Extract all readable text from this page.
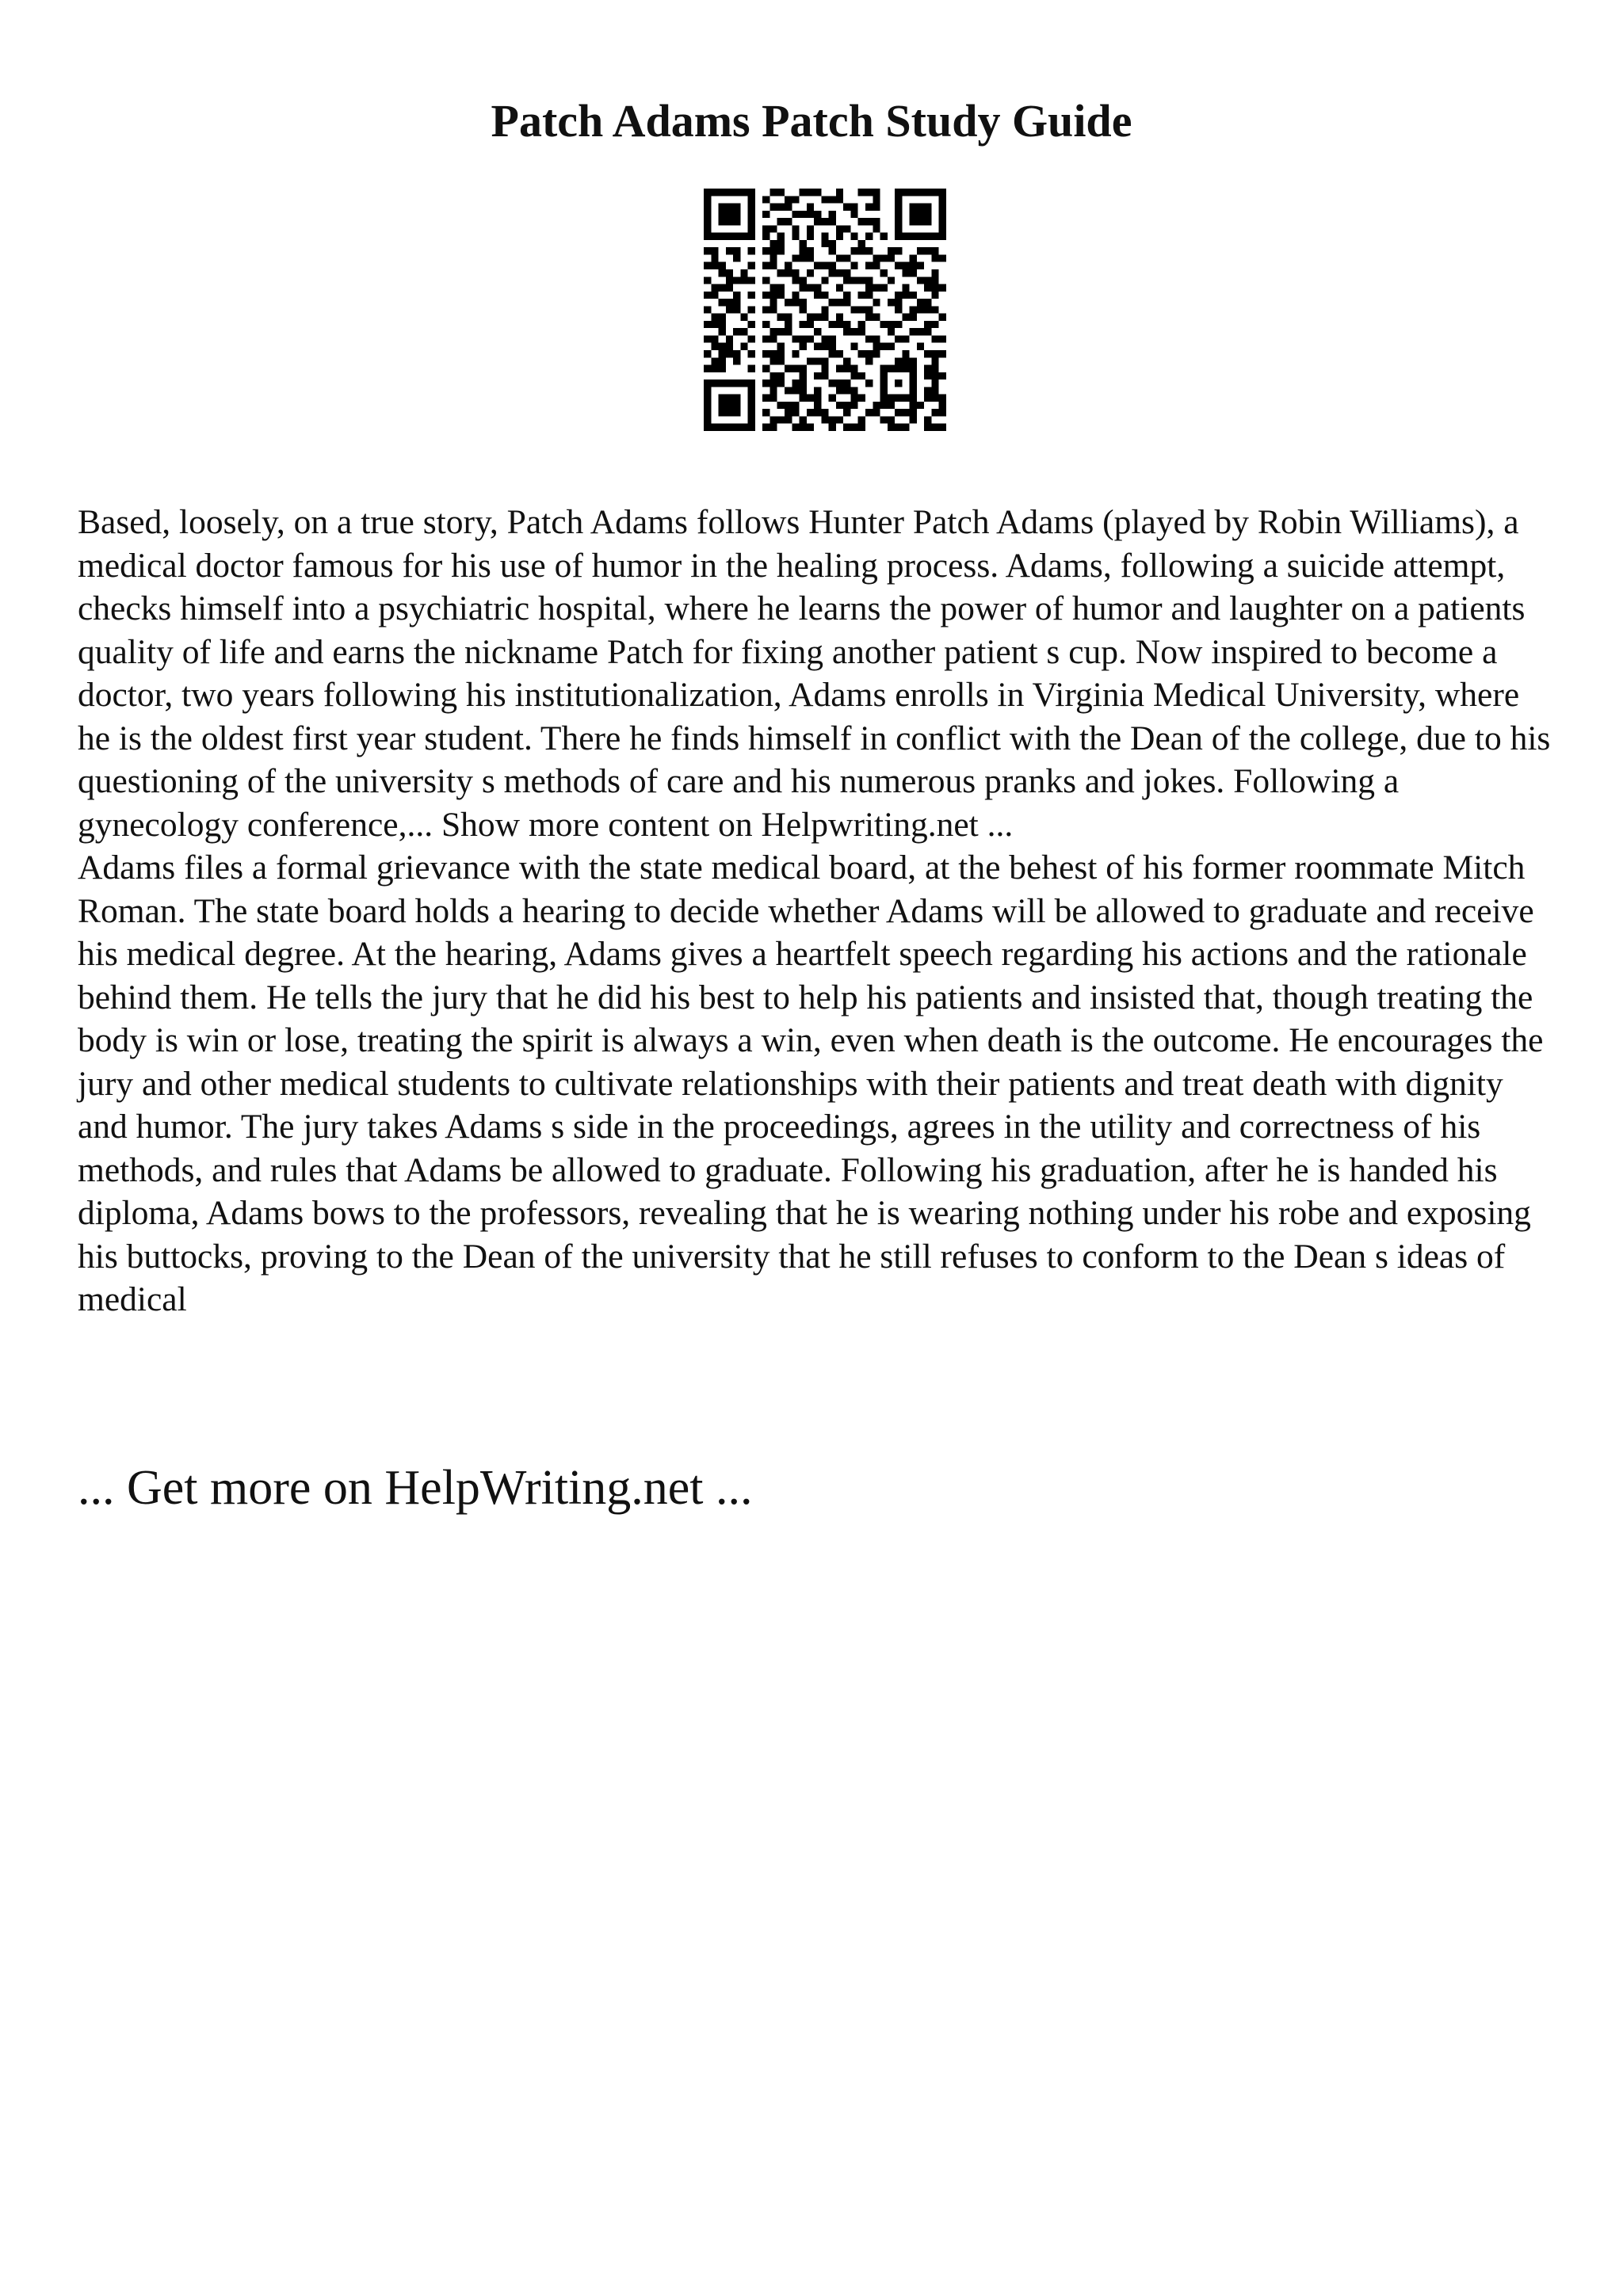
Patch Adams Patch Study Guide

Based, loosely, on a true story, Patch Adams follows Hunter Patch Adams (played by Robin Williams), a medical doctor famous for his use of humor in the healing process. Adams, following a suicide attempt, checks himself into a psychiatric hospital, where he learns the power of humor and laughter on a patients quality of life and earns the nickname Patch for fixing another patient s cup. Now inspired to become a doctor, two years following his institutionalization, Adams enrolls in Virginia Medical University, where he is the oldest first year student. There he finds himself in conflict with the Dean of the college, due to his questioning of the university s methods of care and his numerous pranks and jokes. Following a gynecology conference,... Show more content on Helpwriting.net ...

Adams files a formal grievance with the state medical board, at the behest of his former roommate Mitch Roman. The state board holds a hearing to decide whether Adams will be allowed to graduate and receive his medical degree. At the hearing, Adams gives a heartfelt speech regarding his actions and the rationale behind them. He tells the jury that he did his best to help his patients and insisted that, though treating the body is win or lose, treating the spirit is always a win, even when death is the outcome. He encourages the jury and other medical students to cultivate relationships with their patients and treat death with dignity and humor. The jury takes Adams s side in the proceedings, agrees in the utility and correctness of his methods, and rules that Adams be allowed to graduate. Following his graduation, after he is handed his diploma, Adams bows to the professors, revealing that he is wearing nothing under his robe and exposing his buttocks, proving to the Dean of the university that he still refuses to conform to the Dean s ideas of medical

... Get more on HelpWriting.net ...
